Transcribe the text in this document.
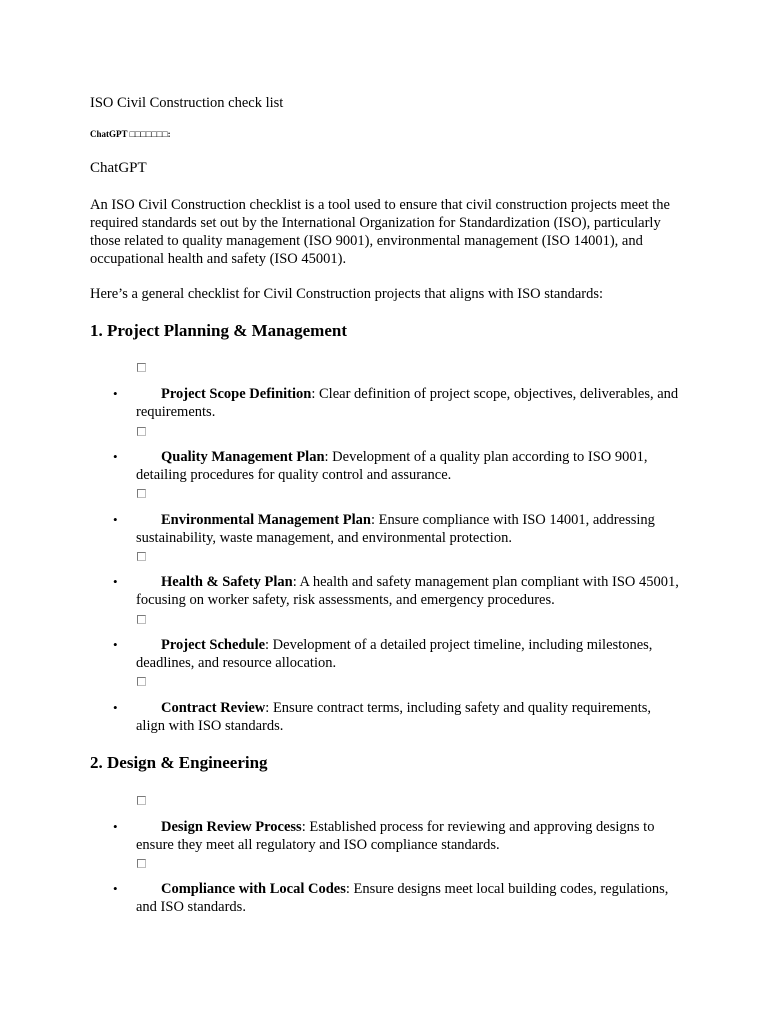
ISO Civil Construction check list
ChatGPT □□□□□□□:
ChatGPT
An ISO Civil Construction checklist is a tool used to ensure that civil construction projects meet the required standards set out by the International Organization for Standardization (ISO), particularly those related to quality management (ISO 9001), environmental management (ISO 14001), and occupational health and safety (ISO 45001).
Here’s a general checklist for Civil Construction projects that aligns with ISO standards:
1. Project Planning & Management
•	Project Scope Definition: Clear definition of project scope, objectives, deliverables, and requirements.
•	Quality Management Plan: Development of a quality plan according to ISO 9001, detailing procedures for quality control and assurance.
•	Environmental Management Plan: Ensure compliance with ISO 14001, addressing sustainability, waste management, and environmental protection.
•	Health & Safety Plan: A health and safety management plan compliant with ISO 45001, focusing on worker safety, risk assessments, and emergency procedures.
•	Project Schedule: Development of a detailed project timeline, including milestones, deadlines, and resource allocation.
•	Contract Review: Ensure contract terms, including safety and quality requirements, align with ISO standards.
2. Design & Engineering
•	Design Review Process: Established process for reviewing and approving designs to ensure they meet all regulatory and ISO compliance standards.
•	Compliance with Local Codes: Ensure designs meet local building codes, regulations, and ISO standards.
